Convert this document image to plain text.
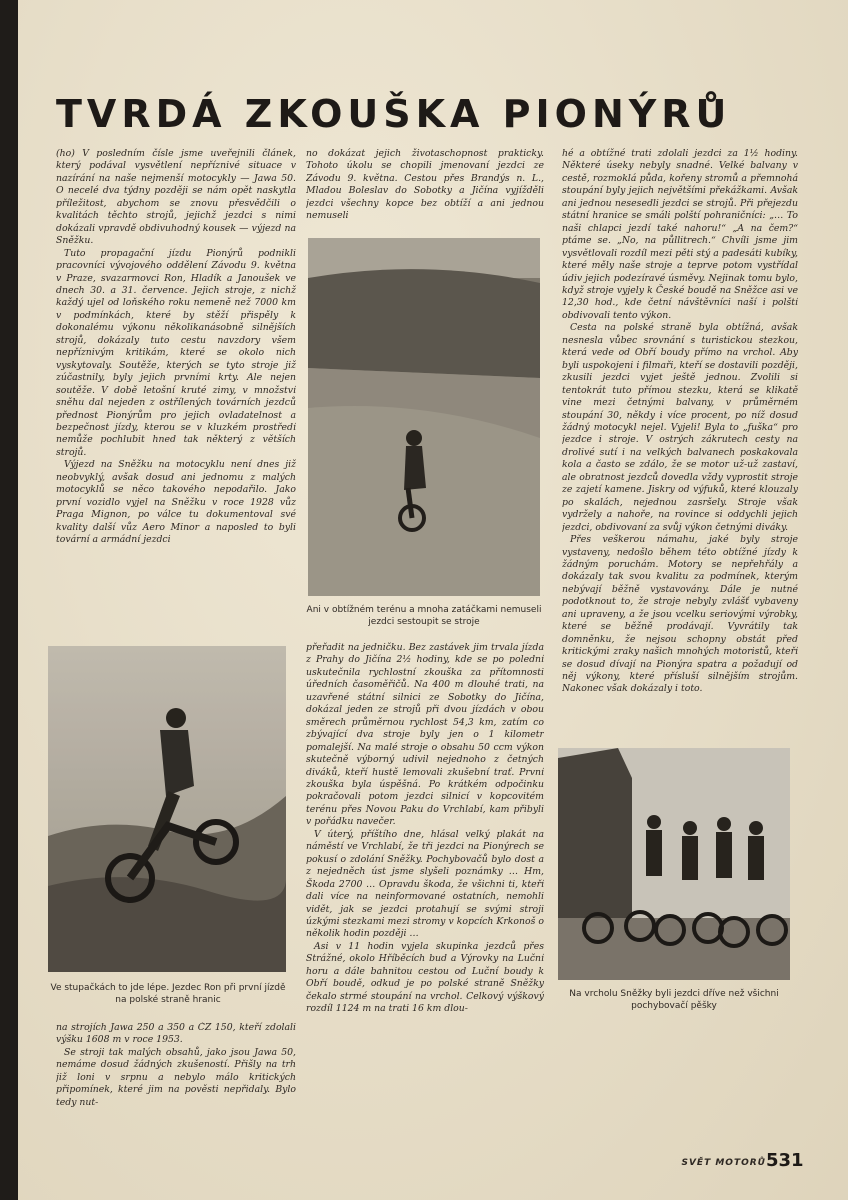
TVRDÁ ZKOUŠKA PIONÝRŮ

(ho) V posledním čísle jsme uveřejnili článek, který podával vysvětlení nepříznivé situace v nazírání na naše nejmenší motocykly — Jawa 50. O necelé dva týdny později se nám opět naskytla příležitost, abychom se znovu přesvědčili o kvalitách těchto strojů, jejichž jezdci s nimi dokázali vpravdě obdivuhodný kousek — výjezd na Sněžku.

Tuto propagační jízdu Pionýrů podnikli pracovníci vývojového oddělení Závodu 9. května v Praze, svazarmovci Ron, Hladík a Janoušek ve dnech 30. a 31. července. Jejich stroje, z nichž každý ujel od loňského roku nemeně než 7000 km v podmínkách, které by stěží přispěly k dokonalému výkonu několikanásobně silnějších strojů, dokázaly tuto cestu navzdory všem nepříznivým kritikám, které se okolo nich vyskytovaly. Soutěže, kterých se tyto stroje již zúčastnily, byly jejich prvními krty. Ale nejen soutěže. V době letošní kruté zimy, v množství sněhu dal nejeden z ostřílených továrních jezdců přednost Pionýrům pro jejich ovladatelnost a bezpečnost jízdy, kterou se v kluzkém prostředí nemůže pochlubit hned tak některý z větších strojů.

Výjezd na Sněžku na motocyklu není dnes již neobvyklý, avšak dosud ani jednomu z malých motocyklů se něco takového nepodařilo. Jako první vozidlo vyjel na Sněžku v roce 1928 vůz Praga Mignon, po válce tu dokumentoval své kvality další vůz Aero Minor a naposled to byli tovární a armádní jezdci

Ve stupačkách to jde lépe. Jezdec Ron při první jízdě na polské straně hranic

na strojích Jawa 250 a 350 a ČZ 150, kteří zdolali výšku 1608 m v roce 1953.

Se stroji tak malých obsahů, jako jsou Jawa 50, nemáme dosud žádných zkušeností. Přišly na trh již loni v srpnu a nebylo málo kritických připomínek, které jim na pověsti nepřidaly. Bylo tedy nut-

no dokázat jejich životaschopnost prakticky. Tohoto úkolu se chopili jmenovaní jezdci ze Závodu 9. května. Cestou přes Brandýs n. L., Mladou Boleslav do Sobotky a Jičína vyjížděli jezdci všechny kopce bez obtíží a ani jednou nemuseli

Ani v obtížném terénu a mnoha zatáčkami nemuseli jezdci sestoupit se stroje

přeřadit na jedničku. Bez zastávek jim trvala jízda z Prahy do Jičína 2½ hodiny, kde se po polední uskutečnila rychlostní zkouška za přítomnosti úředních časoměřičů. Na 400 m dlouhé trati, na uzavřené státní silnici ze Sobotky do Jičína, dokázal jeden ze strojů při dvou jízdách v obou směrech průměrnou rychlost 54,3 km, zatím co zbývající dva stroje byly jen o 1 kilometr pomalejší. Na malé stroje o obsahu 50 ccm výkon skutečně výborný udivil nejednoho z četných diváků, kteří hustě lemovali zkušební trať. První zkouška byla úspěšná. Po krátkém odpočinku pokračovali potom jezdci silnicí v kopcovitém terénu přes Novou Paku do Vrchlabí, kam přibyli v pořádku navečer.

V úterý, příštího dne, hlásal velký plakát na náměstí ve Vrchlabí, že tři jezdci na Pionýrech se pokusí o zdolání Sněžky. Pochybovačů bylo dost a z nejedněch úst jsme slyšeli poznámky … Hm, Škoda 2700 … Opravdu škoda, že všichni ti, kteří dali více na neinformované ostatních, nemohli vidět, jak se jezdci protahují se svými stroji úzkými stezkami mezi stromy v kopcích Krkonoš o několik hodin později …

Asi v 11 hodin vyjela skupinka jezdců přes Strážné, okolo Hříběcích bud a Výrovky na Luční horu a dále bahnitou cestou od Luční boudy k Obří boudě, odkud je po polské straně Sněžky čekalo strmé stoupání na vrchol. Celkový výškový rozdíl 1124 m na trati 16 km dlou-

hé a obtížné trati zdolali jezdci za 1½ hodiny. Některé úseky nebyly snadné. Velké balvany v cestě, rozmoklá půda, kořeny stromů a přemnohá stoupání byly jejich největšími překážkami. Avšak ani jednou nesesedli jezdci se strojů. Při přejezdu státní hranice se smáli polští pohraničníci: „… To naši chlapci jezdí také nahoru!“ „A na čem?“ ptáme se. „No, na půllitrech.“ Chvíli jsme jim vysvětlovali rozdíl mezi pěti stý a padesáti kubíky, které měly naše stroje a teprve potom vystřídal údiv jejich podezíravé úsměvy. Nejinak tomu bylo, když stroje vyjely k České boudě na Sněžce asi ve 12,30 hod., kde četní návštěvníci naší i polští obdivovali tento výkon.

Cesta na polské straně byla obtížná, avšak nesnesla vůbec srovnání s turistickou stezkou, která vede od Obří boudy přímo na vrchol. Aby byli uspokojeni i filmaři, kteří se dostavili později, zkusili jezdci vyjet ještě jednou. Zvolili si tentokrát tuto přímou stezku, která se klikatě vine mezi četnými balvany, v průměrném stoupání 30, někdy i více procent, po níž dosud žádný motocykl nejel. Vyjeli! Byla to „fuška“ pro jezdce i stroje. V ostrých zákrutech cesty na drolivé sutí i na velkých balvanech poskakovala kola a často se zdálo, že se motor už-už zastaví, ale obratnost jezdců dovedla vždy vyprostit stroje ze zajetí kamene. Jiskry od výfuků, které klouzaly po skalách, nejednou zasršely. Stroje však vydržely a nahoře, na rovince si oddychli jejich jezdci, obdivovaní za svůj výkon četnými diváky.

Přes veškerou námahu, jaké byly stroje vystaveny, nedošlo během této obtížné jízdy k žádným poruchám. Motory se nepřehřály a dokázaly tak svou kvalitu za podmínek, kterým nebývají běžně vystavovány. Dále je nutné podotknout to, že stroje nebyly zvlášť vybaveny ani upraveny, a že jsou vcelku seriovými výrobky, které se běžně prodávají. Vyvrátily tak domněnku, že nejsou schopny obstát před kritickými zraky našich mnohých motoristů, kteří se dosud dívají na Pionýra spatra a požadují od něj výkony, které přísluší silnějším strojům. Nakonec však dokázaly i toto.

Na vrcholu Sněžky byli jezdci dříve než všichni pochybovačí pěšky
SVĚT MOTORŮ 531
